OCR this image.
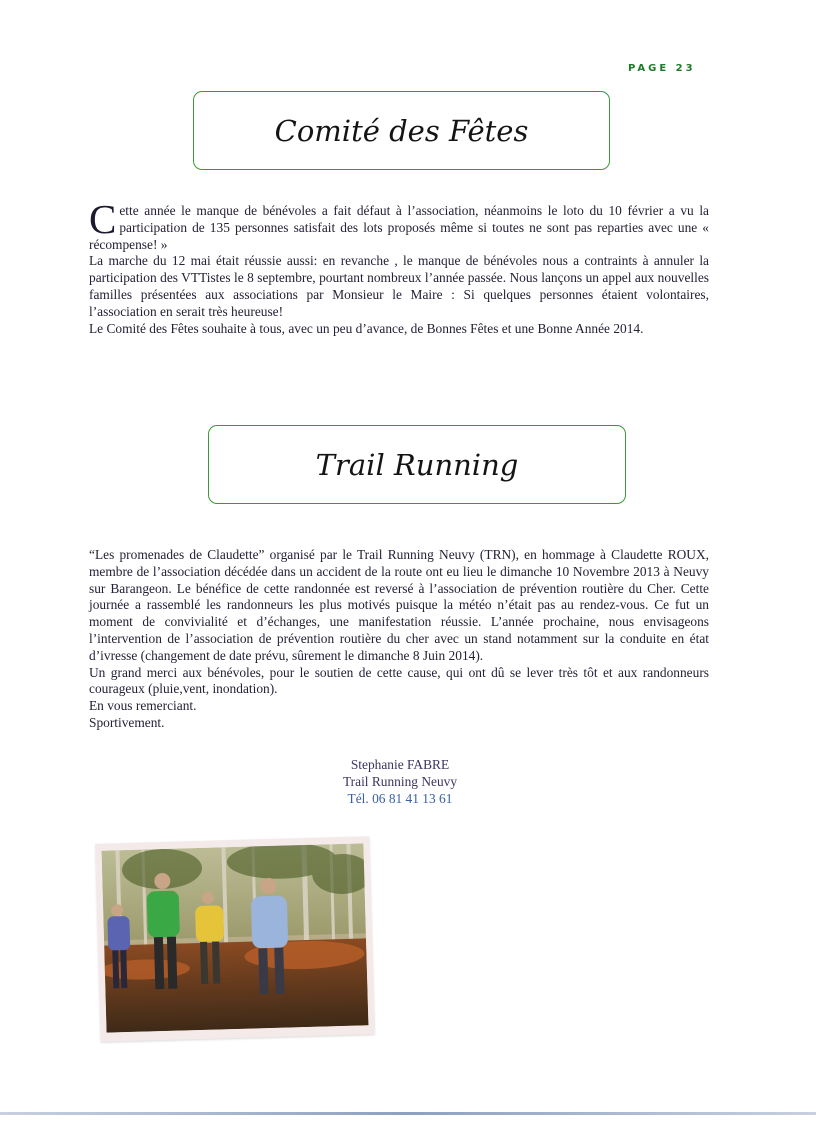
PAGE 23
Comité des Fêtes

Cette année le manque de bénévoles a fait défaut à l’association, néanmoins le loto du 10 février a vu la participation de 135 personnes satisfait des lots proposés même si toutes ne sont pas reparties avec une « récompense! »

La marche du 12 mai était réussie aussi: en revanche , le manque de bénévoles nous a contraints à annuler la participation des VTTistes le 8 septembre, pourtant nombreux l’année passée. Nous lançons un appel aux nouvelles familles présentées aux associations par Monsieur le Maire : Si quelques personnes étaient volontaires, l’association en serait très heureuse!

Le Comité des Fêtes souhaite à tous, avec un peu d’avance, de Bonnes Fêtes et une Bonne Année 2014.

Trail Running

“Les promenades de Claudette” organisé par le Trail Running Neuvy (TRN), en hommage à Claudette ROUX, membre de l’association décédée dans un accident de la route ont eu lieu le dimanche 10 Novembre 2013 à Neuvy sur Barangeon. Le bénéfice de cette randonnée est reversé à l’association de prévention routière du Cher. Cette journée a rassemblé les randonneurs les plus motivés puisque la météo n’était pas au rendez-vous. Ce fut un moment de convivialité et d’échanges, une manifestation réussie. L’année prochaine, nous envisageons l’intervention de l’association de prévention routière du cher avec un stand notamment sur la conduite en état d’ivresse (changement de date prévu, sûrement le dimanche 8 Juin 2014).

Un grand merci aux bénévoles, pour le soutien de cette cause, qui ont dû se lever très tôt et aux randonneurs courageux (pluie,vent, inondation).

En vous remerciant.

Sportivement.

Stephanie FABRE
Trail Running Neuvy
Tél. 06 81 41 13 61
